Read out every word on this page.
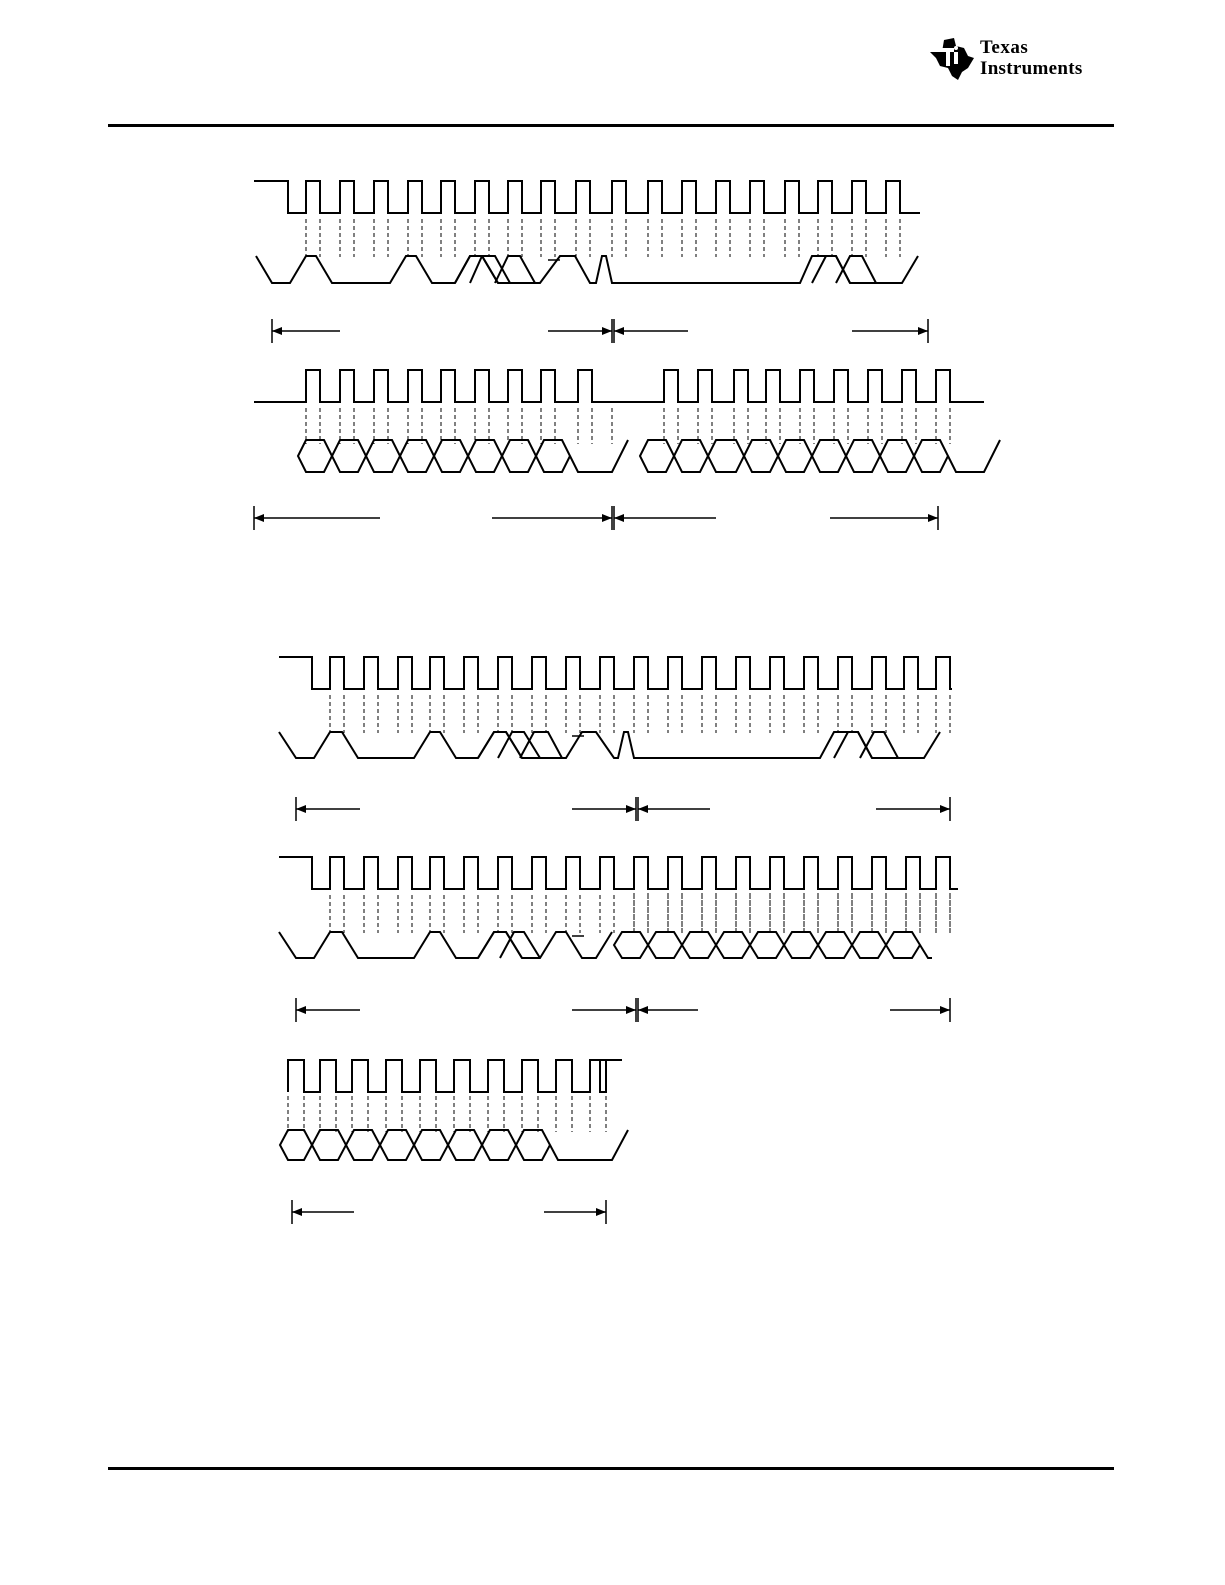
Texas
Instruments
